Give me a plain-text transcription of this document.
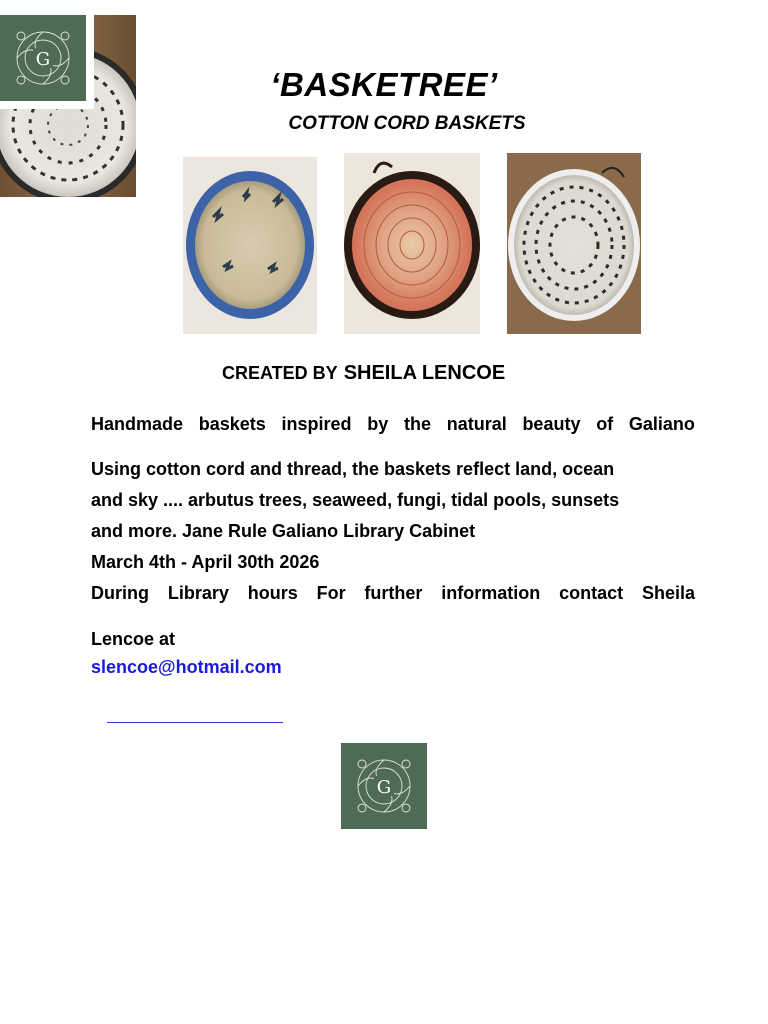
G
‘BASKETREE’
COTTON CORD BASKETS
CREATED BY SHEILA LENCOE
Handmade baskets inspired by the natural beauty of Galiano
Using cotton cord and thread, the baskets reflect land, ocean
and sky .... arbutus trees, seaweed, fungi, tidal pools, sunsets
and more. Jane Rule Galiano Library Cabinet
March 4th - April 30th 2026
During Library hours For further information contact Sheila
Lencoe at
slencoe@hotmail.com
G
